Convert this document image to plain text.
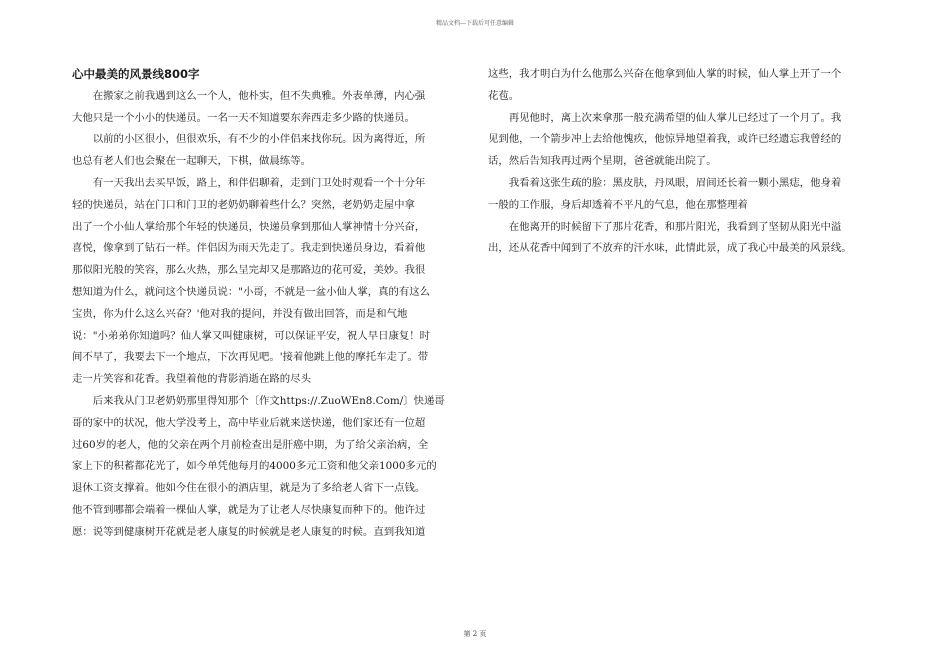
精品文档---下载后可任意编辑
心中最美的风景线800字
　　在搬家之前我遇到这么一个人，他朴实，但不失典雅。外表单薄，内心强
大他只是一个小小的快递员。一名一天不知道要东奔西走多少路的快递员。
　　以前的小区很小，但很欢乐，有不少的小伴侣来找你玩。因为离得近，所
也总有老人们也会聚在一起聊天，下棋，做晨练等。
　　有一天我出去买早饭，路上，和伴侣聊着，走到门卫处时观看一个十分年
轻的快递员，站在门口和门卫的老奶奶聊着些什么？突然，老奶奶走屋中拿
出了一个小仙人掌给那个年轻的快递员，快递员拿到那仙人掌神情十分兴奋，
喜悦，像拿到了钻石一样。伴侣因为雨天先走了。我走到快递员身边，看着他
那似阳光般的笑容，那么火热，那么呈完却又是那路边的花可爱，美妙。我很
想知道为什么，就问这个快递员说："小哥，不就是一盆小仙人掌，真的有这么
宝贵，你为什么这么兴奋？'他对我的提问，并没有做出回答，而是和气地
说："小弟弟你知道吗？仙人掌又叫健康树，可以保证平安，祝人早日康复！时
间不早了，我要去下一个地点，下次再见吧。'接着他跳上他的摩托车走了。带
走一片笑容和花香。我望着他的背影消逝在路的尽头
　　后来我从门卫老奶奶那里得知那个〔作文https://.ZuoWEn8.Com/〕快递哥
哥的家中的状况，他大学没考上，高中毕业后就来送快递，他们家还有一位超
过60岁的老人，他的父亲在两个月前检查出是肝癌中期，为了给父亲治病，全
家上下的积蓄都花光了，如今单凭他每月的4000多元工资和他父亲1000多元的
退休工资支撑着。他如今住在很小的酒店里，就是为了多给老人省下一点钱。
他不管到哪都会端着一棵仙人掌，就是为了让老人尽快康复而种下的。他许过
愿：说等到健康树开花就是老人康复的时候就是老人康复的时候。直到我知道
这些，我才明白为什么他那么兴奋在他拿到仙人掌的时候，仙人掌上开了一个
花苞。
　　再见他时，离上次来拿那一般充满希望的仙人掌儿已经过了一个月了。我
见到他，一个箭步冲上去给他愧疚，他惊异地望着我，或许已经遗忘我曾经的
话，然后告知我再过两个星期，爸爸就能出院了。
　　我看着这张生疏的脸：黑皮肤，丹凤眼，眉间还长着一颗小黑痣，他身着
一般的工作服，身后却透着不平凡的气息，他在那整理着
　　在他离开的时候留下了那片花香，和那片阳光，我看到了坚韧从阳光中溢
出，还从花香中闻到了不放弃的汗水味，此情此景，成了我心中最美的风景线。
第 2 页
